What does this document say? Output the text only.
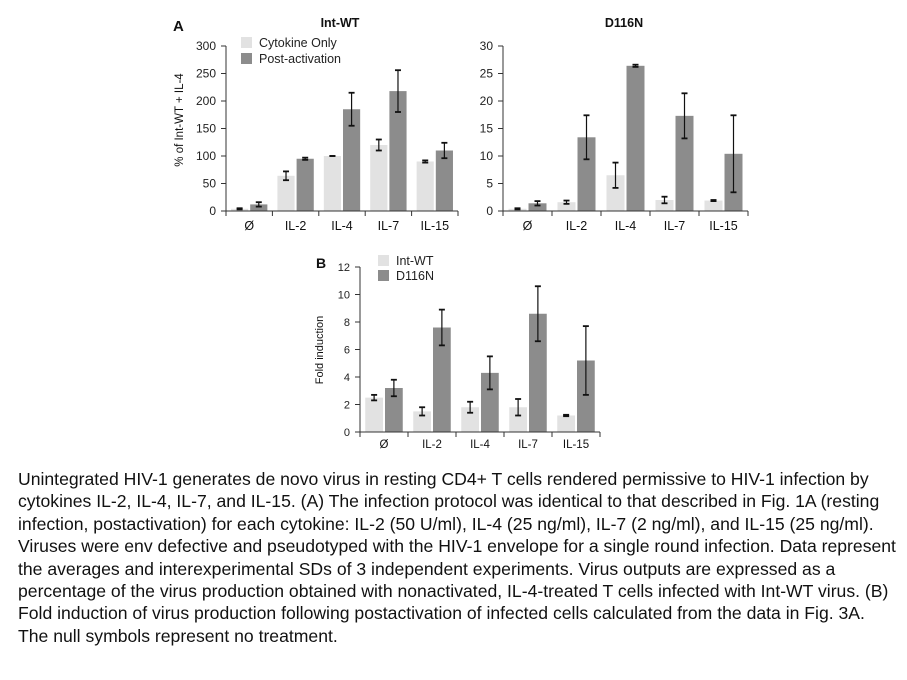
A	Int-WT
% of Int-WT + IL-4
0
50
100
150
200
250
300
Ø IL-2 IL-4 IL-7 IL-15
Cytokine Only
Post-activation
D116N
0
5
10
15
20
25
30
Ø	IL-2 IL-4 IL-7 IL-15
B
Fold induction
0
2
4
6
8
10
12
Ø	IL-2 IL-4 IL-7 IL-15
Int-WT
D116N

Unintegrated HIV-1 generates de novo virus in resting CD4+ T cells rendered permissive to HIV-1 infection by cytokines IL-2, IL-4, IL-7, and IL-15. (A) The infection protocol was identical to that described in Fig. 1A (resting infection, postactivation) for each cytokine: IL-2 (50 U/ml), IL-4 (25 ng/ml), IL-7 (2 ng/ml), and IL-15 (25 ng/ml). Viruses were env defective and pseudotyped with the HIV-1 envelope for a single round infection. Data represent the averages and interexperimental SDs of 3 independent experiments. Virus outputs are expressed as a percentage of the virus production obtained with nonactivated, IL-4-treated T cells infected with Int-WT virus. (B) Fold induction of virus production following postactivation of infected cells calculated from the data in Fig. 3A. The null symbols represent no treatment.
